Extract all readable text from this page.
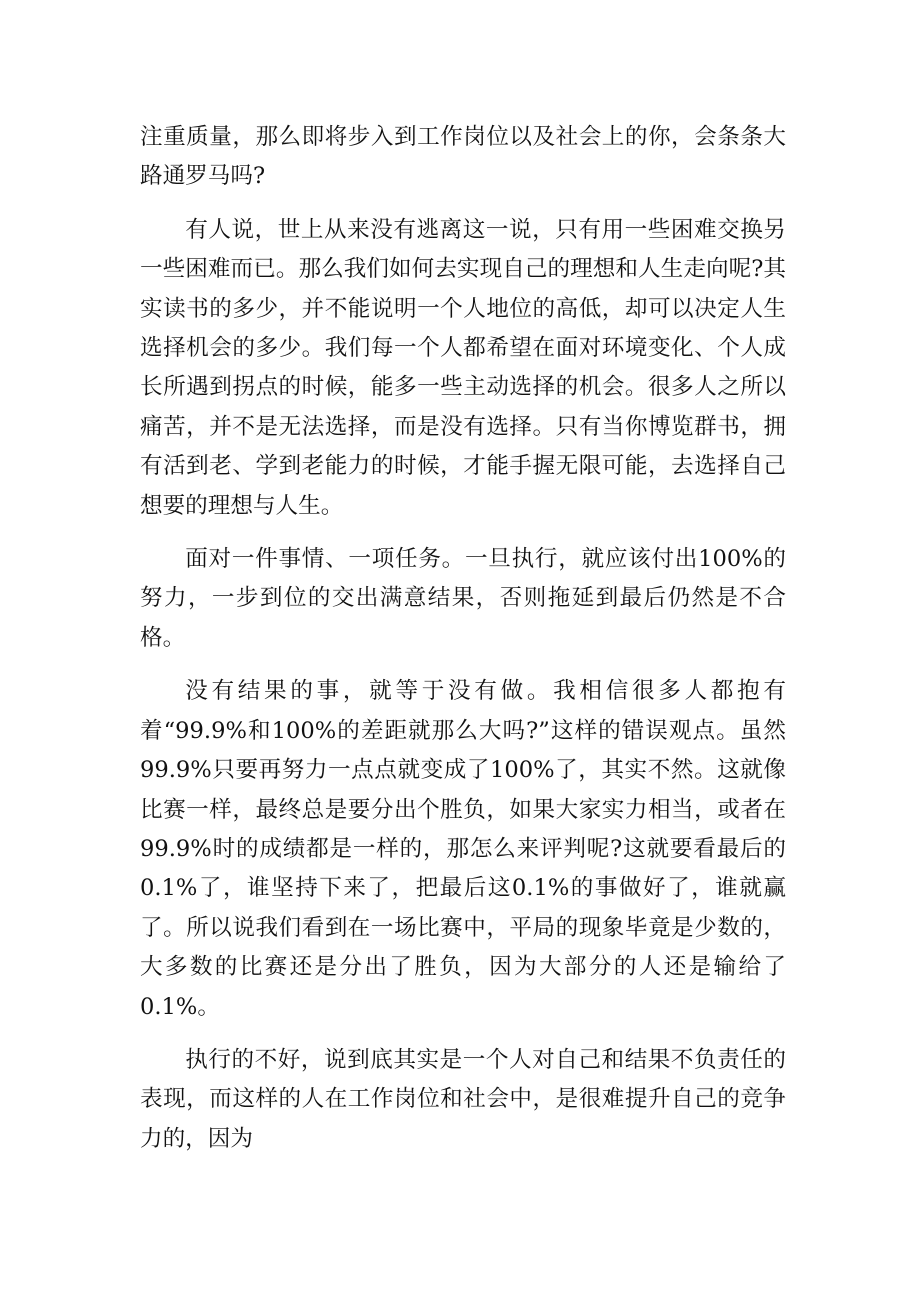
注重质量，那么即将步入到工作岗位以及社会上的你，会条条大路通罗马吗?

有人说，世上从来没有逃离这一说，只有用一些困难交换另一些困难而已。那么我们如何去实现自己的理想和人生走向呢?其实读书的多少，并不能说明一个人地位的高低，却可以决定人生选择机会的多少。我们每一个人都希望在面对环境变化、个人成长所遇到拐点的时候，能多一些主动选择的机会。很多人之所以痛苦，并不是无法选择，而是没有选择。只有当你博览群书，拥有活到老、学到老能力的时候，才能手握无限可能，去选择自己想要的理想与人生。

面对一件事情、一项任务。一旦执行，就应该付出100%的努力，一步到位的交出满意结果，否则拖延到最后仍然是不合格。

没有结果的事，就等于没有做。我相信很多人都抱有着“99.9%和100%的差距就那么大吗?”这样的错误观点。虽然99.9%只要再努力一点点就变成了100%了，其实不然。这就像比赛一样，最终总是要分出个胜负，如果大家实力相当，或者在99.9%时的成绩都是一样的，那怎么来评判呢?这就要看最后的0.1%了，谁坚持下来了，把最后这0.1%的事做好了，谁就赢了。所以说我们看到在一场比赛中，平局的现象毕竟是少数的，大多数的比赛还是分出了胜负，因为大部分的人还是输给了0.1%。

执行的不好，说到底其实是一个人对自己和结果不负责任的表现，而这样的人在工作岗位和社会中，是很难提升自己的竞争力的，因为
